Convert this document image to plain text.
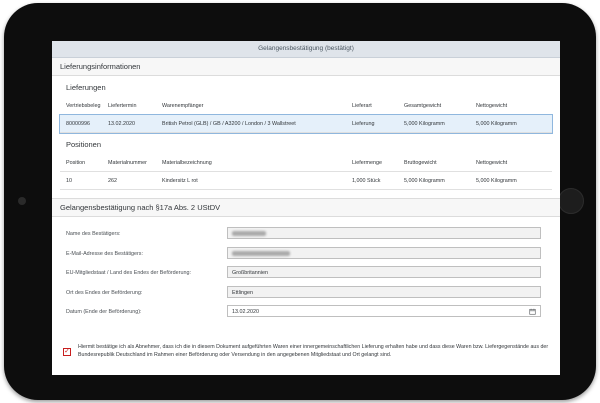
Gelangensbestätigung (bestätigt)
Lieferungsinformationen
Lieferungen
Vertriebsbeleg	Liefertermin	Warenempfänger	Lieferart	Gesamtgewicht	Nettogewicht
80000996	13.02.2020	British Petrol (GLB) / GB / A3200 / London / 3 Wallstreet	Lieferung	5,000 Kilogramm	5,000 Kilogramm
Positionen
Position	Materialnummer	Materialbezeichnung	Liefermenge	Bruttogewicht	Nettogewicht
10	262	Kindersitz L rot	1,000 Stück	5,000 Kilogramm	5,000 Kilogramm
Gelangensbestätigung nach §17a Abs. 2 UStDV
Name des Bestätigers:
E-Mail-Adresse des Bestätigers:
EU-Mitgliedstaat / Land des Endes der Beförderung:	Großbritannien
Ort des Endes der Beförderung:	Ettlingen
Datum (Ende der Beförderung):	13.02.2020
✓
Hiermit bestätige ich als Abnehmer, dass ich die in diesem Dokument aufgeführten Waren einer innergemeinschaftlichen Lieferung erhalten habe und dass diese Waren bzw. Liefergegenstände aus der Bundesrepublik Deutschland im Rahmen einer Beförderung oder Versendung in den angegebenen Mitgliedstaat und Ort gelangt sind.
